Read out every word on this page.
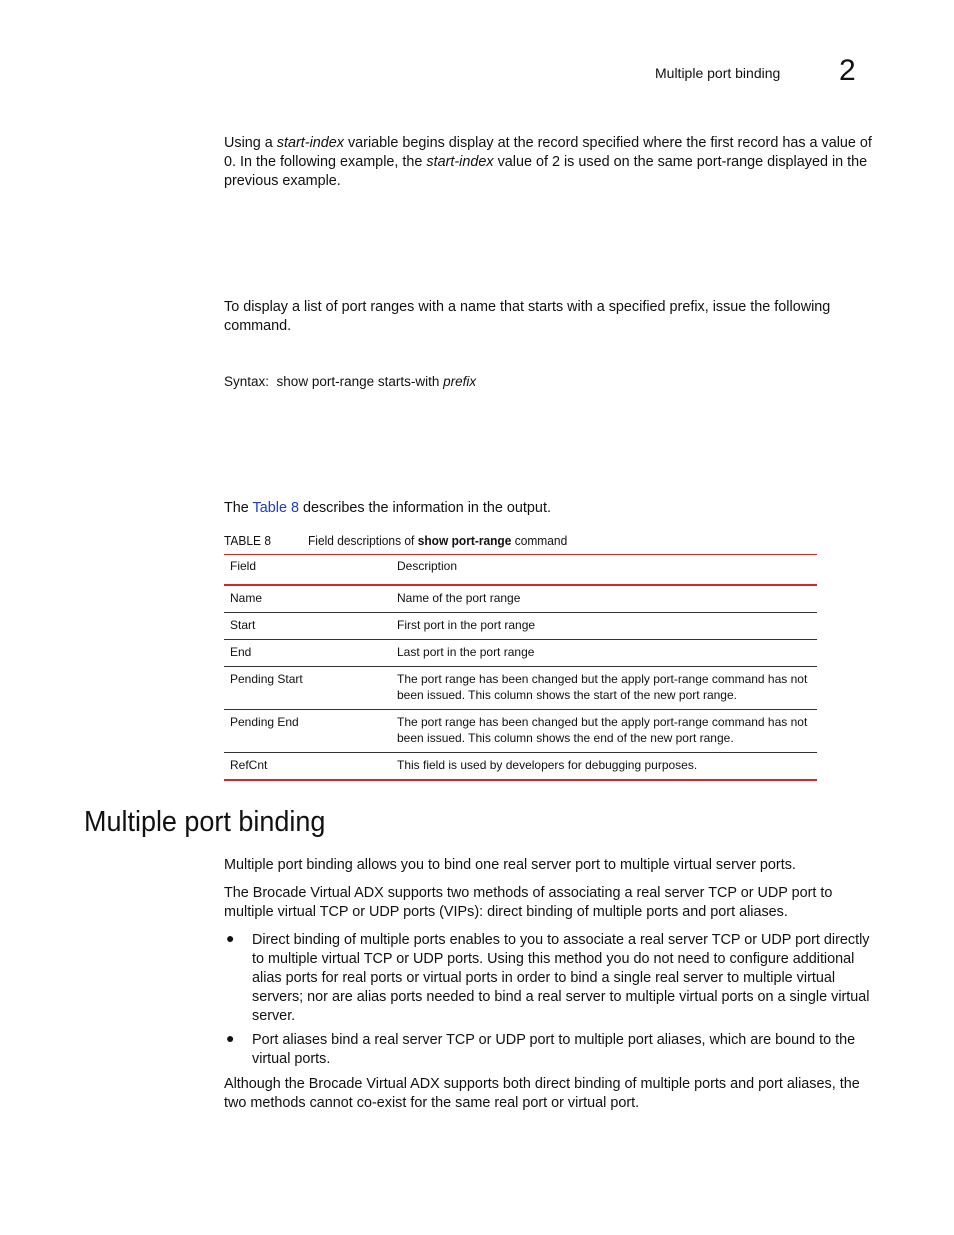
Multiple port binding 2
Using a start-index variable begins display at the record specified where the first record has a value of 0. In the following example, the start-index value of 2 is used on the same port-range displayed in the previous example.
To display a list of port ranges with a name that starts with a specified prefix, issue the following command.
Syntax: show port-range starts-with prefix
The Table 8 describes the information in the output.
TABLE 8	Field descriptions of show port-range command
Field	Description
Name	Name of the port range
Start	First port in the port range
End	Last port in the port range
Pending Start	The port range has been changed but the apply port-range command has not been issued. This column shows the start of the new port range.
Pending End	The port range has been changed but the apply port-range command has not been issued. This column shows the end of the new port range.
RefCnt	This field is used by developers for debugging purposes.
Multiple port binding
Multiple port binding allows you to bind one real server port to multiple virtual server ports.
The Brocade Virtual ADX supports two methods of associating a real server TCP or UDP port to multiple virtual TCP or UDP ports (VIPs): direct binding of multiple ports and port aliases.
● Direct binding of multiple ports enables to you to associate a real server TCP or UDP port directly to multiple virtual TCP or UDP ports. Using this method you do not need to configure additional alias ports for real ports or virtual ports in order to bind a single real server to multiple virtual servers; nor are alias ports needed to bind a real server to multiple virtual ports on a single virtual server.
● Port aliases bind a real server TCP or UDP port to multiple port aliases, which are bound to the virtual ports.
Although the Brocade Virtual ADX supports both direct binding of multiple ports and port aliases, the two methods cannot co-exist for the same real port or virtual port.
